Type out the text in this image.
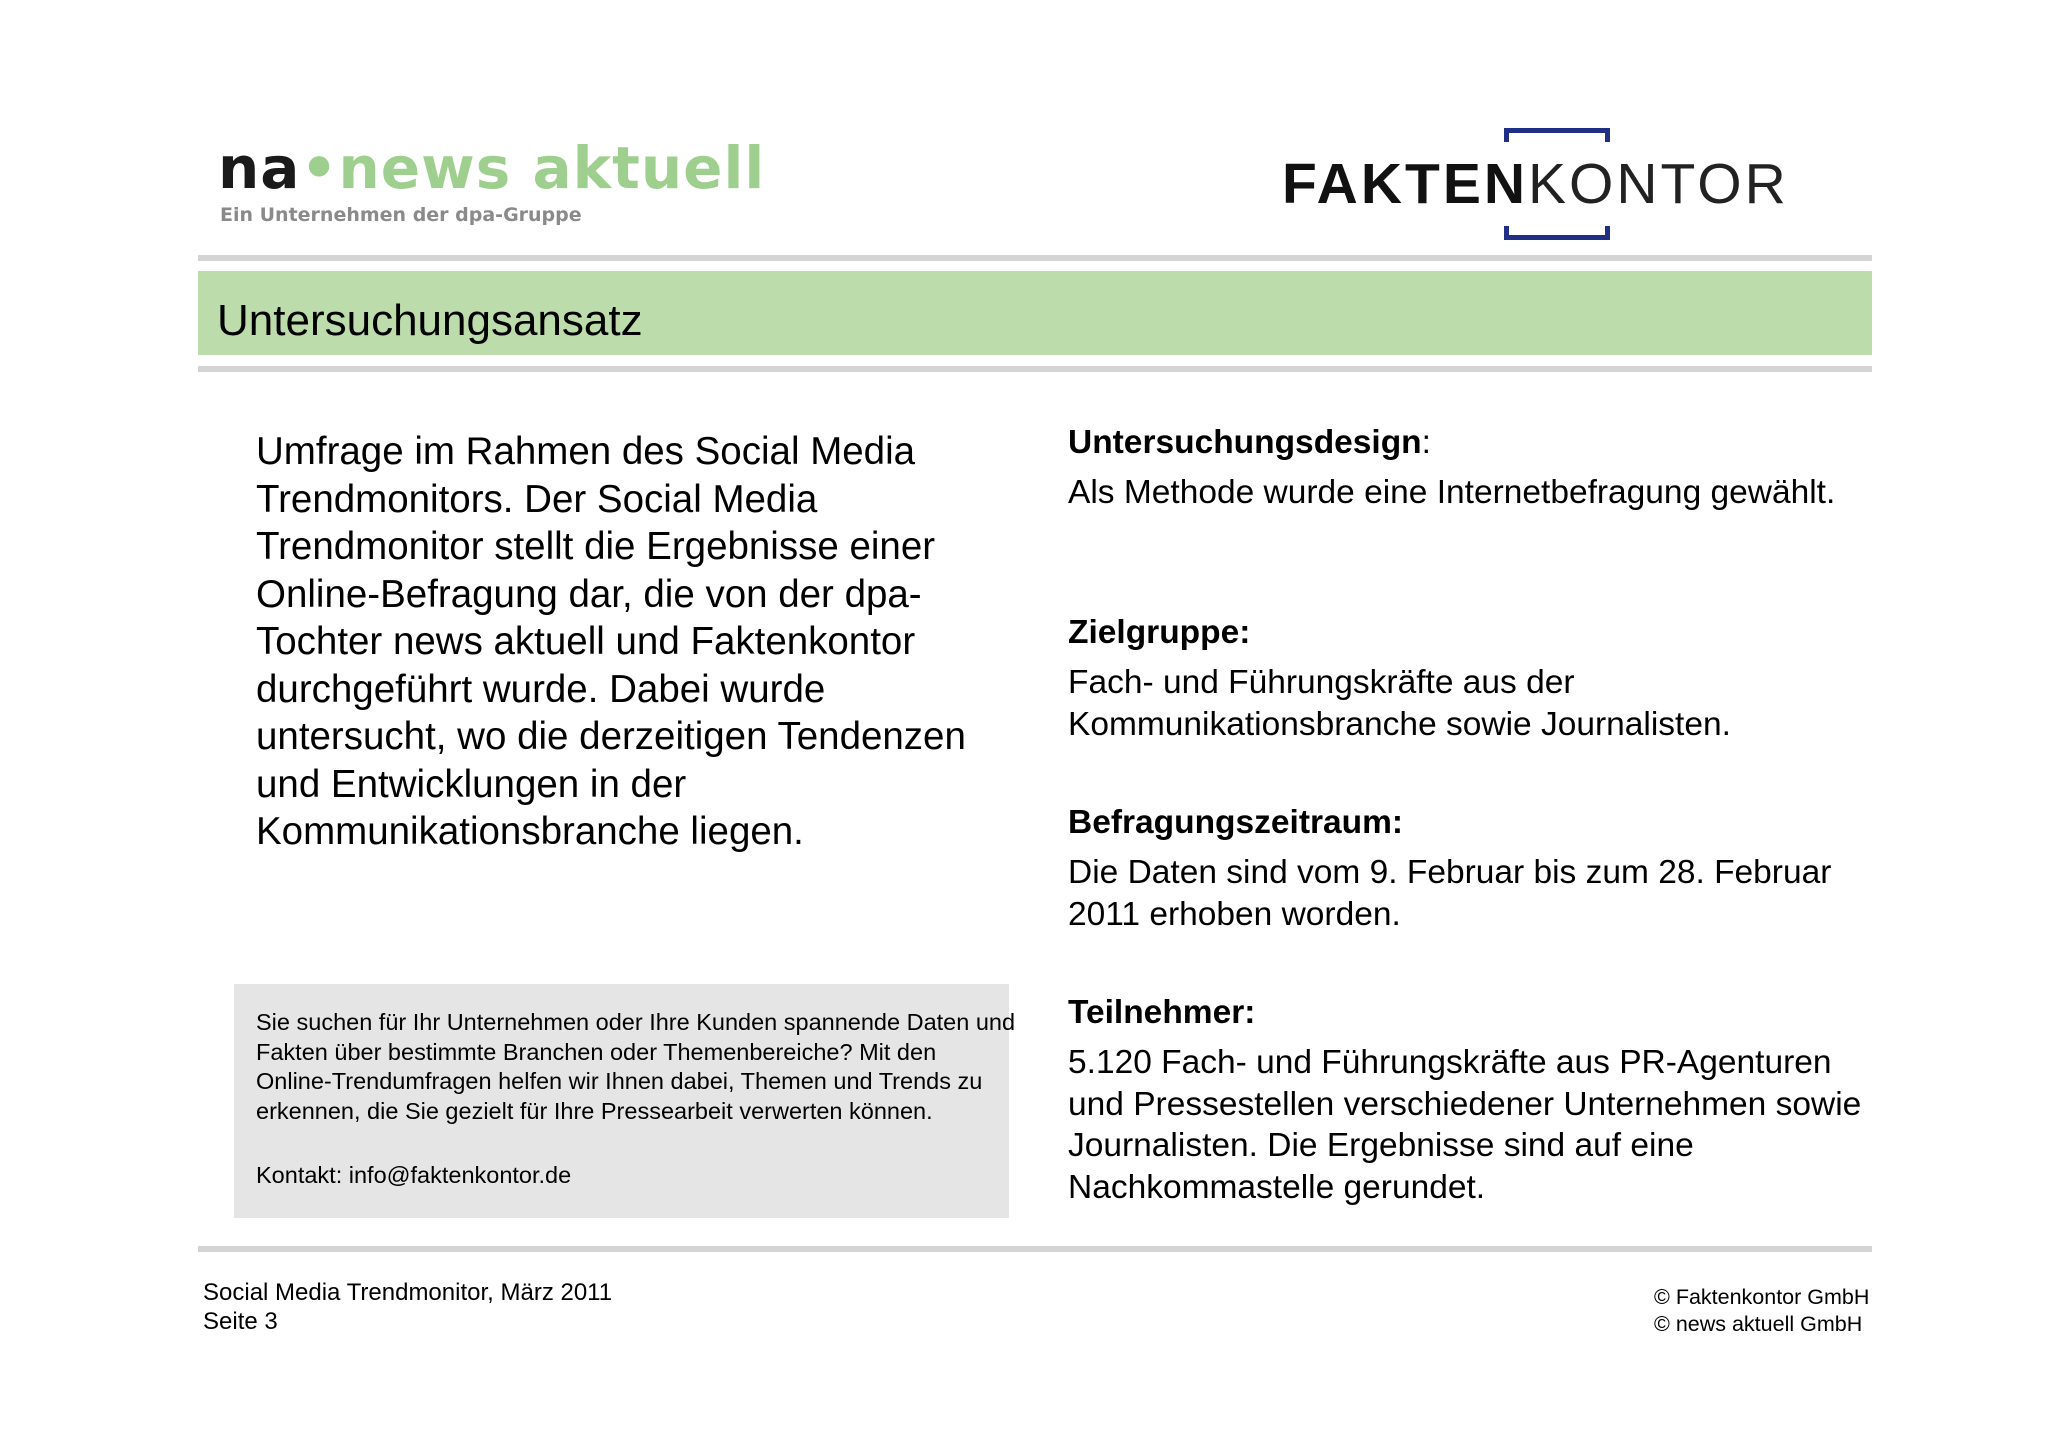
na•news aktuell
Ein Unternehmen der dpa-Gruppe	FAKTENKONTOR
Untersuchungsansatz
Umfrage im Rahmen des Social Media Trendmonitors. Der Social Media Trendmonitor stellt die Ergebnisse einer Online-Befragung dar, die von der dpa-Tochter news aktuell und Faktenkontor durchgeführt wurde. Dabei wurde untersucht, wo die derzeitigen Tendenzen und Entwicklungen in der Kommunikationsbranche liegen.
Sie suchen für Ihr Unternehmen oder Ihre Kunden spannende Daten und Fakten über bestimmte Branchen oder Themenbereiche? Mit den Online-Trendumfragen helfen wir Ihnen dabei, Themen und Trends zu erkennen, die Sie gezielt für Ihre Pressearbeit verwerten können.
Kontakt: info@faktenkontor.de
Untersuchungsdesign:
Als Methode wurde eine Internetbefragung gewählt.
Zielgruppe:
Fach- und Führungskräfte aus der Kommunikationsbranche sowie Journalisten.
Befragungszeitraum:
Die Daten sind vom 9. Februar bis zum 28. Februar 2011 erhoben worden.
Teilnehmer:
5.120 Fach- und Führungskräfte aus PR-Agenturen und Pressestellen verschiedener Unternehmen sowie Journalisten. Die Ergebnisse sind auf eine Nachkommastelle gerundet.
Social Media Trendmonitor, März 2011
Seite 3
© Faktenkontor GmbH
© news aktuell GmbH
